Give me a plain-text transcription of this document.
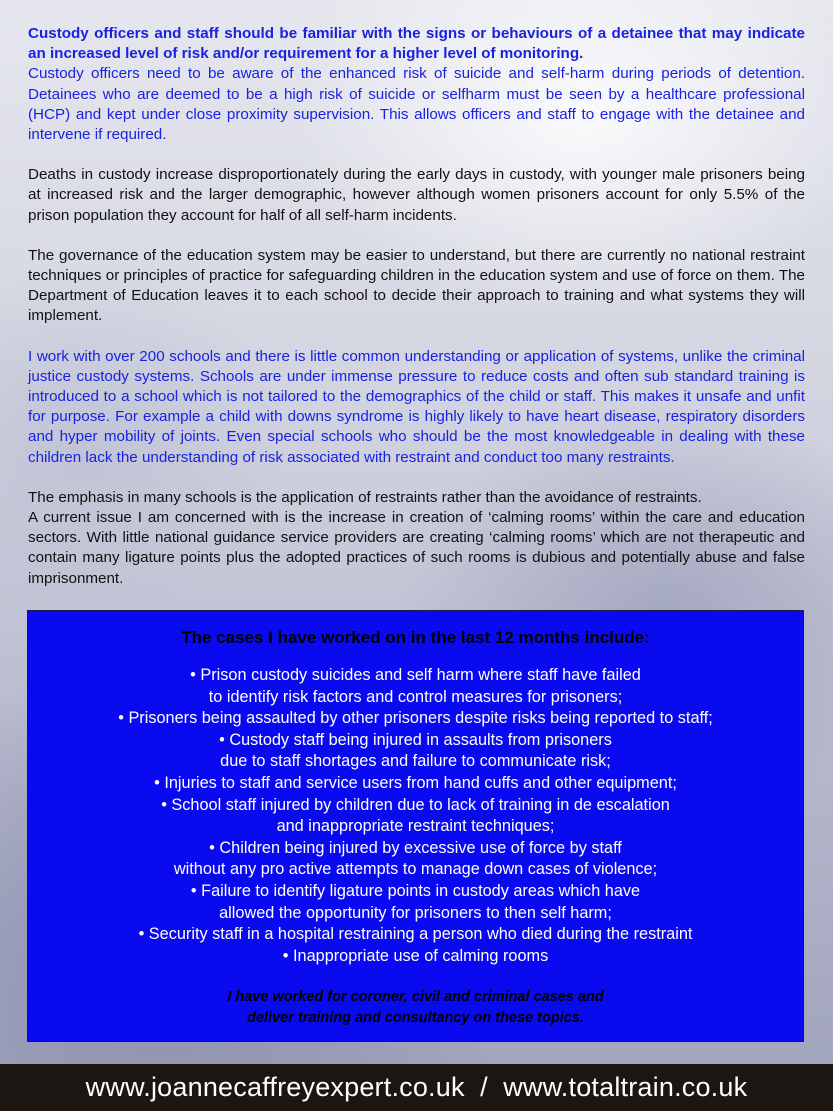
Custody officers and staff should be familiar with the signs or behaviours of a detainee that may indicate an increased level of risk and/or requirement for a higher level of monitoring.
Custody officers need to be aware of the enhanced risk of suicide and self-harm during periods of detention. Detainees who are deemed to be a high risk of suicide or selfharm must be seen by a healthcare professional (HCP) and kept under close proximity supervision. This allows officers and staff to engage with the detainee and intervene if required.

Deaths in custody increase disproportionately during the early days in custody, with younger male prisoners being at increased risk and the larger demographic, however although women prisoners account for only 5.5% of the prison population they account for half of all self-harm incidents.

The governance of the education system may be easier to understand, but there are currently no national restraint techniques or principles of practice for safeguarding children in the education system and use of force on them. The Department of Education leaves it to each school to decide their approach to training and what systems they will implement.

I work with over 200 schools and there is little common understanding or application of systems, unlike the criminal justice custody systems. Schools are under immense pressure to reduce costs and often sub standard training is introduced to a school which is not tailored to the demographics of the child or staff. This makes it unsafe and unfit for purpose. For example a child with downs syndrome is highly likely to have heart disease, respiratory disorders and hyper mobility of joints. Even special schools who should be the most knowledgeable in dealing with these children lack the understanding of risk associated with restraint and conduct too many restraints.

The emphasis in many schools is the application of restraints rather than the avoidance of restraints.

A current issue I am concerned with is the increase in creation of ‘calming rooms’ within the care and education sectors. With little national guidance service providers are creating ‘calming rooms’ which are not therapeutic and contain many ligature points plus the adopted practices of such rooms is dubious and potentially abuse and false imprisonment.

The cases I have worked on in the last 12 months include:
• Prison custody suicides and self harm where staff have failed
to identify risk factors and control measures for prisoners;
• Prisoners being assaulted by other prisoners despite risks being reported to staff;
• Custody staff being injured in assaults from prisoners
due to staff shortages and failure to communicate risk;
• Injuries to staff and service users from hand cuffs and other equipment;
• School staff injured by children due to lack of training in de escalation
and inappropriate restraint techniques;
• Children being injured by excessive use of force by staff
without any pro active attempts to manage down cases of violence;
• Failure to identify ligature points in custody areas which have
allowed the opportunity for prisoners to then self harm;
• Security staff in a hospital restraining a person who died during the restraint
• Inappropriate use of calming rooms
I have worked for coroner, civil and criminal cases and
deliver training and consultancy on these topics.
www.joannecaffreyexpert.co.uk  /  www.totaltrain.co.uk
